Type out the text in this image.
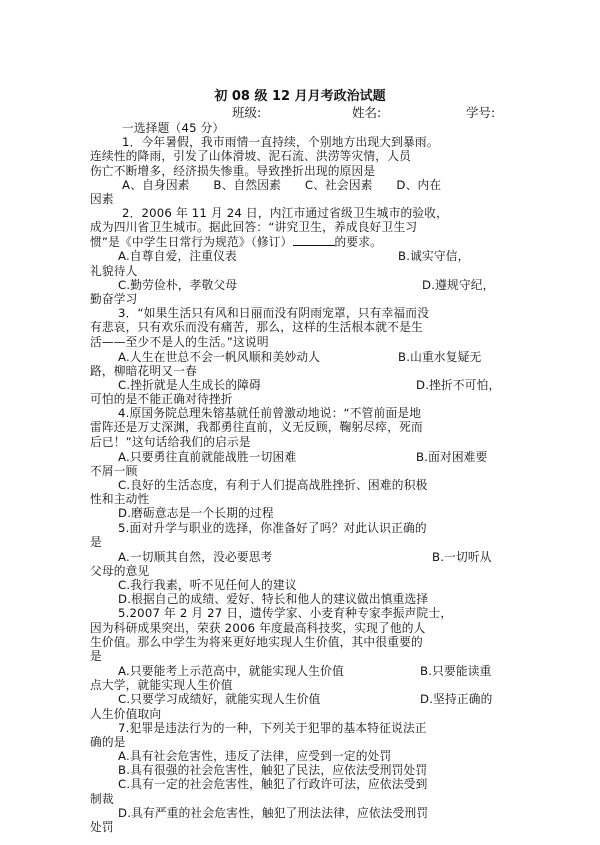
初 08 级 12 月月考政治试题
班级:	姓名:	学号:
一选择题（45 分）
1．今年暑假，我市雨情一直持续，个别地方出现大到暴雨。
连续性的降雨，引发了山体滑坡、泥石流、洪涝等灾情，人员
伤亡不断增多，经济损失惨重。导致挫折出现的原因是
A、自身因素　　B、自然因素　　C、社会因素　　D、内在
因素
2．2006 年 11 月 24 日，内江市通过省级卫生城市的验收，
成为四川省卫生城市。据此回答：“讲究卫生，养成良好卫生习
惯”是《中学生日常行为规范》（修订）	的要求。
A.自尊自爱，注重仪表	B.诚实守信，
礼貌待人
C.勤劳俭朴，孝敬父母	D.遵规守纪，
勤奋学习
3．“如果生活只有风和日丽而没有阴雨宠罩，只有幸福而没
有悲哀，只有欢乐而没有痛苦，那么，这样的生活根本就不是生
活——至少不是人的生活。”这说明
A.人生在世总不会一帆风顺和美妙动人	B.山重水复疑无
路，柳暗花明又一春
C.挫折就是人生成长的障碍	D.挫折不可怕，
可怕的是不能正确对待挫折
4.原国务院总理朱镕基就任前曾激动地说：“不管前面是地
雷阵还是万丈深渊，我都勇往直前，义无反顾，鞠躬尽瘁，死而
后已！”这句话给我们的启示是
A.只要勇往直前就能战胜一切困难	B.面对困难要
不屑一顾
C.良好的生活态度，有利于人们提高战胜挫折、困难的积极
性和主动性
D.磨砺意志是一个长期的过程
5.面对升学与职业的选择，你准备好了吗？对此认识正确的
是
A.一切顺其自然，没必要思考	B.一切听从
父母的意见
C.我行我素，听不见任何人的建议
D.根据自己的成绩、爱好、特长和他人的建议做出慎重选择
5.2007 年 2 月 27 日，遗传学家、小麦育种专家李振声院士，
因为科研成果突出，荣获 2006 年度最高科技奖，实现了他的人
生价值。那么中学生为将来更好地实现人生价值，其中很重要的
是
A.只要能考上示范高中，就能实现人生价值	B.只要能读重
点大学，就能实现人生价值
C.只要学习成绩好，就能实现人生价值	D.坚持正确的
人生价值取向
7.犯罪是违法行为的一种，下列关于犯罪的基本特征说法正
确的是
A.具有社会危害性，违反了法律，应受到一定的处罚
B.具有很强的社会危害性，触犯了民法，应依法受刑罚处罚
C.具有一定的社会危害性，触犯了行政许可法，应依法受到
制裁
D.具有严重的社会危害性，触犯了刑法法律，应依法受刑罚
处罚
